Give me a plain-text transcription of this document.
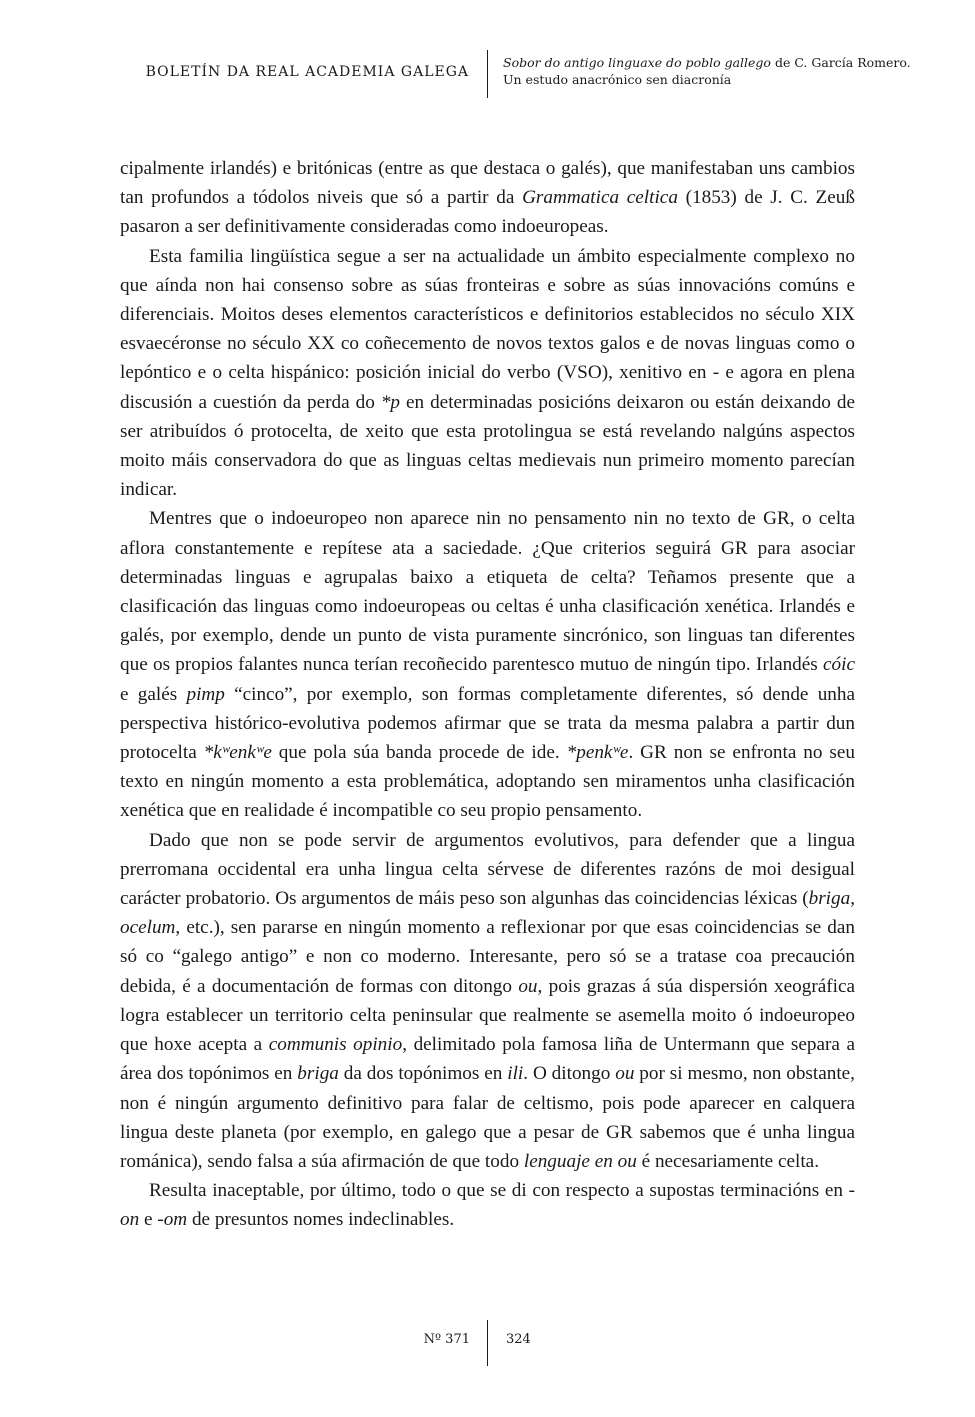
BOLETÍN DA REAL ACADEMIA GALEGA
Sobor do antigo linguaxe do poblo gallego de C. García Romero.
Un estudo anacrónico sen diacronía

cipalmente irlandés) e britónicas (entre as que destaca o galés), que manifestaban uns cambios tan profundos a tódolos niveis que só a partir da Grammatica celtica (1853) de J. C. Zeuß pasaron a ser definitivamente consideradas como indoeuropeas.

Esta familia lingüística segue a ser na actualidade un ámbito especialmente complexo no que aínda non hai consenso sobre as súas fronteiras e sobre as súas innovacións comúns e diferenciais. Moitos deses elementos característicos e definitorios establecidos no século XIX esvaecéronse no século XX co coñecemento de novos textos galos e de novas linguas como o lepóntico e o celta hispánico: posición inicial do verbo (VSO), xenitivo en - e agora en plena discusión a cuestión da perda do *p en determinadas posicións deixaron ou están deixando de ser atribuídos ó protocelta, de xeito que esta protolingua se está revelando nalgúns aspectos moito máis conservadora do que as linguas celtas medievais nun primeiro momento parecían indicar.

Mentres que o indoeuropeo non aparece nin no pensamento nin no texto de GR, o celta aflora constantemente e repítese ata a saciedade. ¿Que criterios seguirá GR para asociar determinadas linguas e agrupalas baixo a etiqueta de celta? Teñamos presente que a clasificación das linguas como indoeuropeas ou celtas é unha clasificación xenética. Irlandés e galés, por exemplo, dende un punto de vista puramente sincrónico, son linguas tan diferentes que os propios falantes nunca terían recoñecido parentesco mutuo de ningún tipo. Irlandés cóic e galés pimp “cinco”, por exemplo, son formas completamente diferentes, só dende unha perspectiva histórico-evolutiva podemos afirmar que se trata da mesma palabra a partir dun protocelta *kʷenkʷe que pola súa banda procede de ide. *penkʷe. GR non se enfronta no seu texto en ningún momento a esta problemática, adoptando sen miramentos unha clasificación xenética que en realidade é incompatible co seu propio pensamento.

Dado que non se pode servir de argumentos evolutivos, para defender que a lingua prerromana occidental era unha lingua celta sérvese de diferentes razóns de moi desigual carácter probatorio. Os argumentos de máis peso son algunhas das coincidencias léxicas (briga, ocelum, etc.), sen pararse en ningún momento a reflexionar por que esas coincidencias se dan só co “galego antigo” e non co moderno. Interesante, pero só se a tratase coa precaución debida, é a documentación de formas con ditongo ou, pois grazas á súa dispersión xeográfica logra establecer un territorio celta peninsular que realmente se asemella moito ó indoeuropeo que hoxe acepta a communis opinio, delimitado pola famosa liña de Untermann que separa a área dos topónimos en briga da dos topónimos en ili. O ditongo ou por si mesmo, non obstante, non é ningún argumento definitivo para falar de celtismo, pois pode aparecer en calquera lingua deste planeta (por exemplo, en galego que a pesar de GR sabemos que é unha lingua románica), sendo falsa a súa afirmación de que todo lenguaje en ou é necesariamente celta.

Resulta inaceptable, por último, todo o que se di con respecto a supostas terminacións en -on e -om de presuntos nomes indeclinables.

Nº 371	324
